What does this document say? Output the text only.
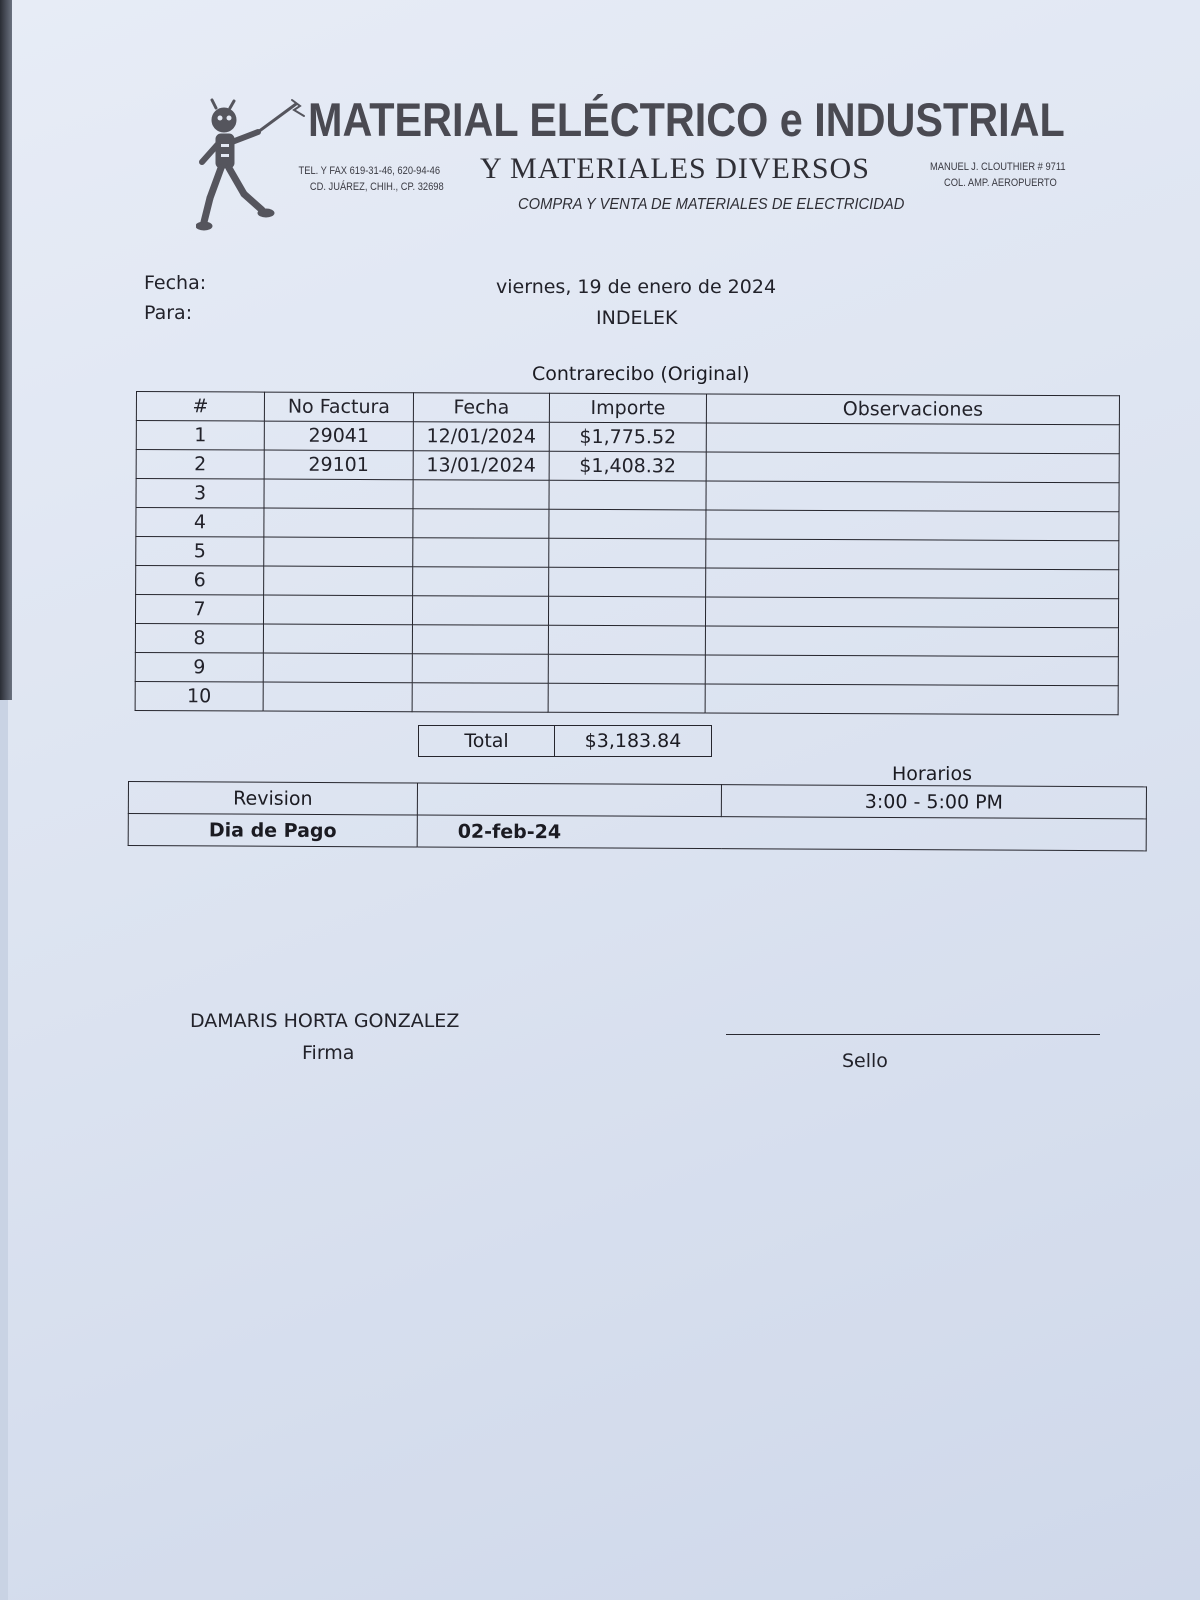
MATERIAL ELÉCTRICO e INDUSTRIAL
Y MATERIALES DIVERSOS
TEL. Y FAX 619-31-46, 620-94-46
CD. JUÁREZ, CHIH., CP. 32698
MANUEL J. CLOUTHIER # 9711
COL. AMP. AEROPUERTO
COMPRA Y VENTA DE MATERIALES DE ELECTRICIDAD
Fecha:	viernes, 19 de enero de 2024
Para:	INDELEK
Contrarecibo (Original)
#	No Factura	Fecha	Importe	Observaciones
1	29041	12/01/2024	$1,775.52	
2	29101	13/01/2024	$1,408.32	
3				
4				
5				
6				
7				
8				
9				
10				
Total	$3,183.84
Horarios
Revision		3:00 - 5:00 PM
Dia de Pago	02-feb-24	
DAMARIS HORTA GONZALEZ
Firma	Sello
